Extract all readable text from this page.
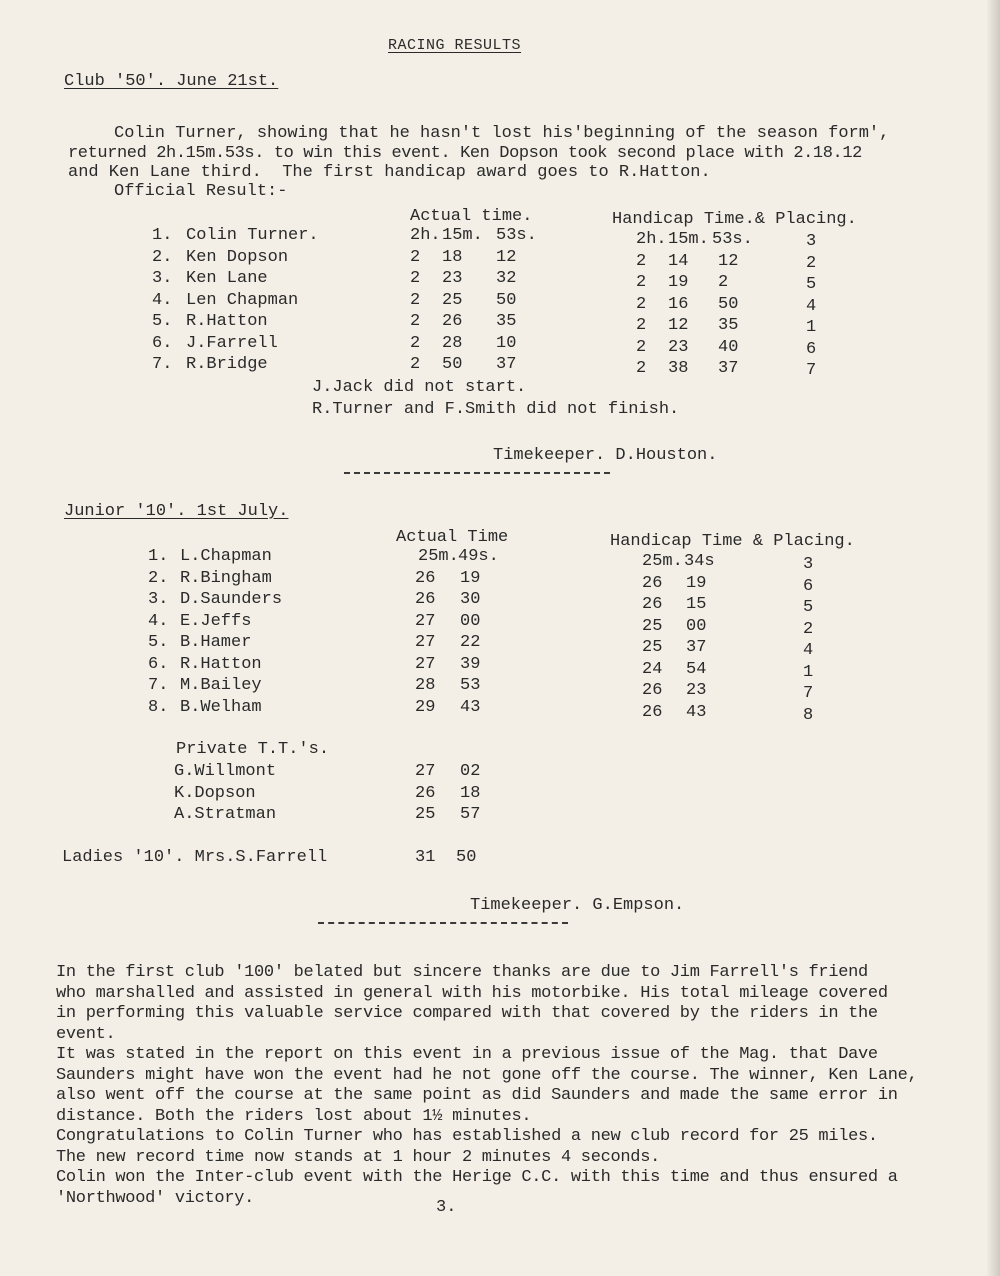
RACING RESULTS
Club '50'. June 21st.
Colin Turner, showing that he hasn't lost his'beginning of the season form',
returned 2h.15m.53s. to win this event. Ken Dopson took second place with 2.18.12
and Ken Lane third.  The first handicap award goes to R.Hatton.
Official Result:-
Actual time.	Handicap Time.& Placing.
1. Colin Turner.	2h. 15m. 53s.	2h. 15m. 53s.	3
2. Ken Dopson	2 18 12	2 14 12	2
3. Ken Lane	2 23 32	2 19 2	5
4. Len Chapman	2 25 50	2 16 50	4
5. R.Hatton	2 26 35	2 12 35	1
6. J.Farrell	2 28 10	2 23 40	6
7. R.Bridge	2 50 37	2 38 37	7
J.Jack did not start.
R.Turner and F.Smith did not finish.
Timekeeper. D.Houston.
Junior '10'. 1st July.
Actual Time	Handicap Time & Placing.
1. L.Chapman	25m. 49s.	25m. 34s	3
2. R.Bingham	26 19	26 19	6
3. D.Saunders	26 30	26 15	5
4. E.Jeffs	27 00	25 00	2
5. B.Hamer	27 22	25 37	4
6. R.Hatton	27 39	24 54	1
7. M.Bailey	28 53	26 23	7
8. B.Welham	29 43	26 43	8
Private T.T.'s.
G.Willmont	27 02
K.Dopson	26 18
A.Stratman	25 57
Ladies '10'. Mrs.S.Farrell	31 50
Timekeeper. G.Empson.
In the first club '100' belated but sincere thanks are due to Jim Farrell's friend
who marshalled and assisted in general with his motorbike. His total mileage covered
in performing this valuable service compared with that covered by the riders in the
event.
It was stated in the report on this event in a previous issue of the Mag. that Dave
Saunders might have won the event had he not gone off the course. The winner, Ken Lane,
also went off the course at the same point as did Saunders and made the same error in
distance. Both the riders lost about 1½ minutes.
Congratulations to Colin Turner who has established a new club record for 25 miles.
The new record time now stands at 1 hour 2 minutes 4 seconds.
Colin won the Inter-club event with the Herige C.C. with this time and thus ensured a
'Northwood' victory.	3.
